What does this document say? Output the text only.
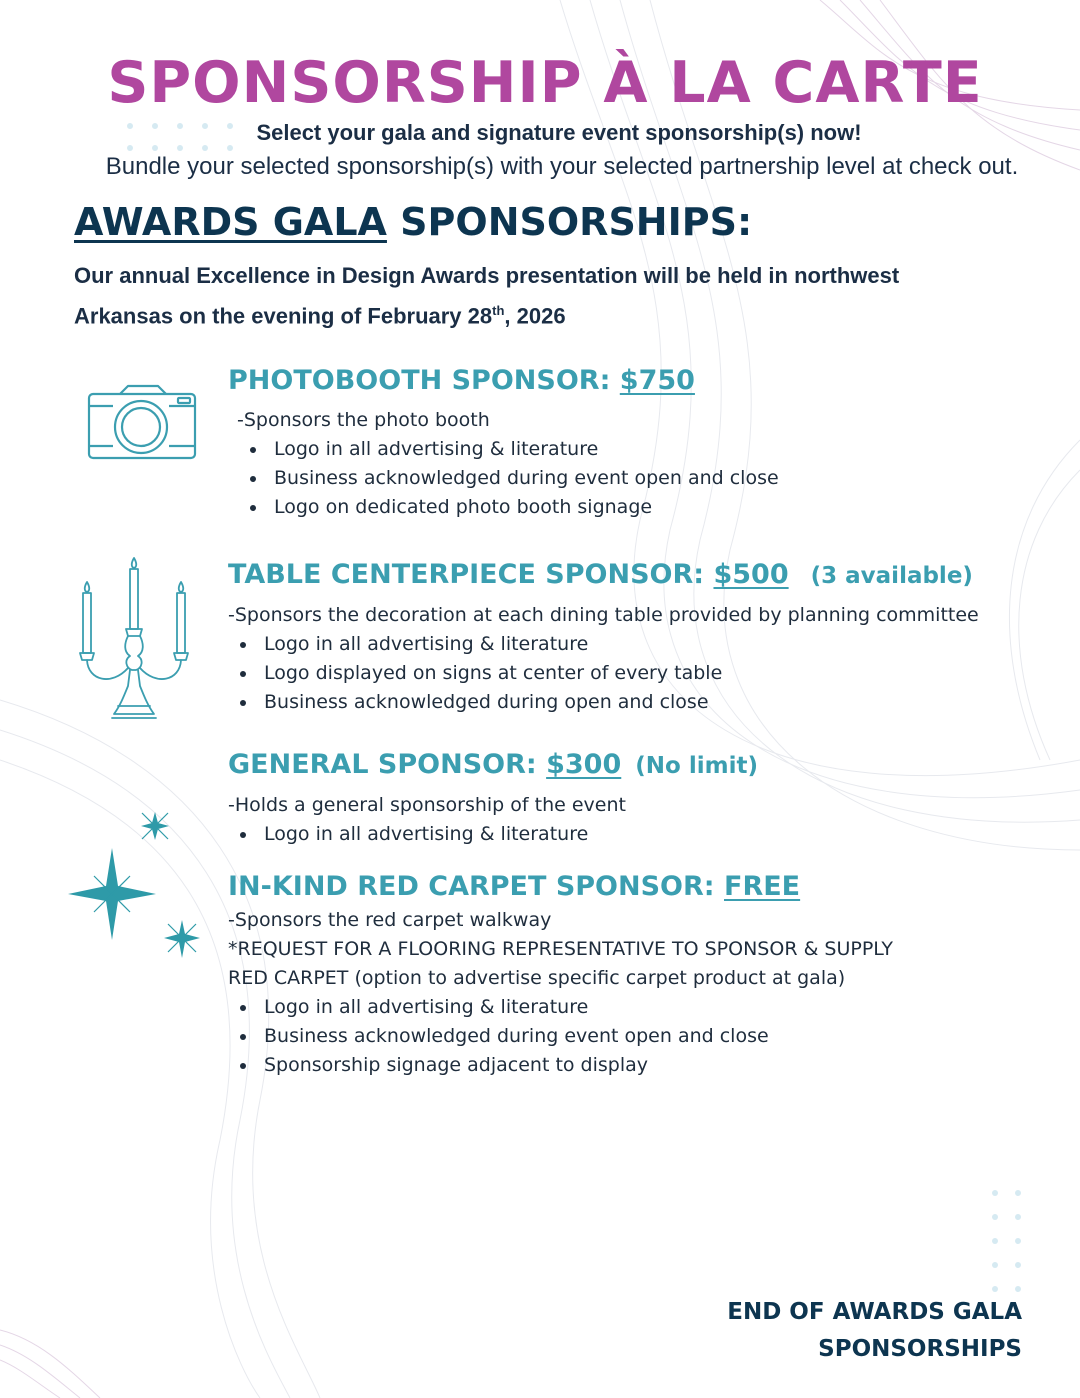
SPONSORSHIP À LA CARTE
Select your gala and signature event sponsorship(s) now!
Bundle your selected sponsorship(s) with your selected partnership level at check out.
AWARDS GALA SPONSORSHIPS:
Our annual Excellence in Design Awards presentation will be held in northwest
Arkansas on the evening of February 28th, 2026
PHOTOBOOTH SPONSOR: $750

-Sponsors the photo booth

Logo in all advertising & literature
Business acknowledged during event open and close
Logo on dedicated photo booth signage
TABLE CENTERPIECE SPONSOR: $500 (3 available)

-Sponsors the decoration at each dining table provided by planning committee

Logo in all advertising & literature
Logo displayed on signs at center of every table
Business acknowledged during open and close
GENERAL SPONSOR: $300 (No limit)

-Holds a general sponsorship of the event

Logo in all advertising & literature
IN-KIND RED CARPET SPONSOR: FREE

-Sponsors the red carpet walkway
*REQUEST FOR A FLOORING REPRESENTATIVE TO SPONSOR & SUPPLY
RED CARPET (option to advertise specific carpet product at gala)

Logo in all advertising & literature
Business acknowledged during event open and close
Sponsorship signage adjacent to display
END OF AWARDS GALA
SPONSORSHIPS
